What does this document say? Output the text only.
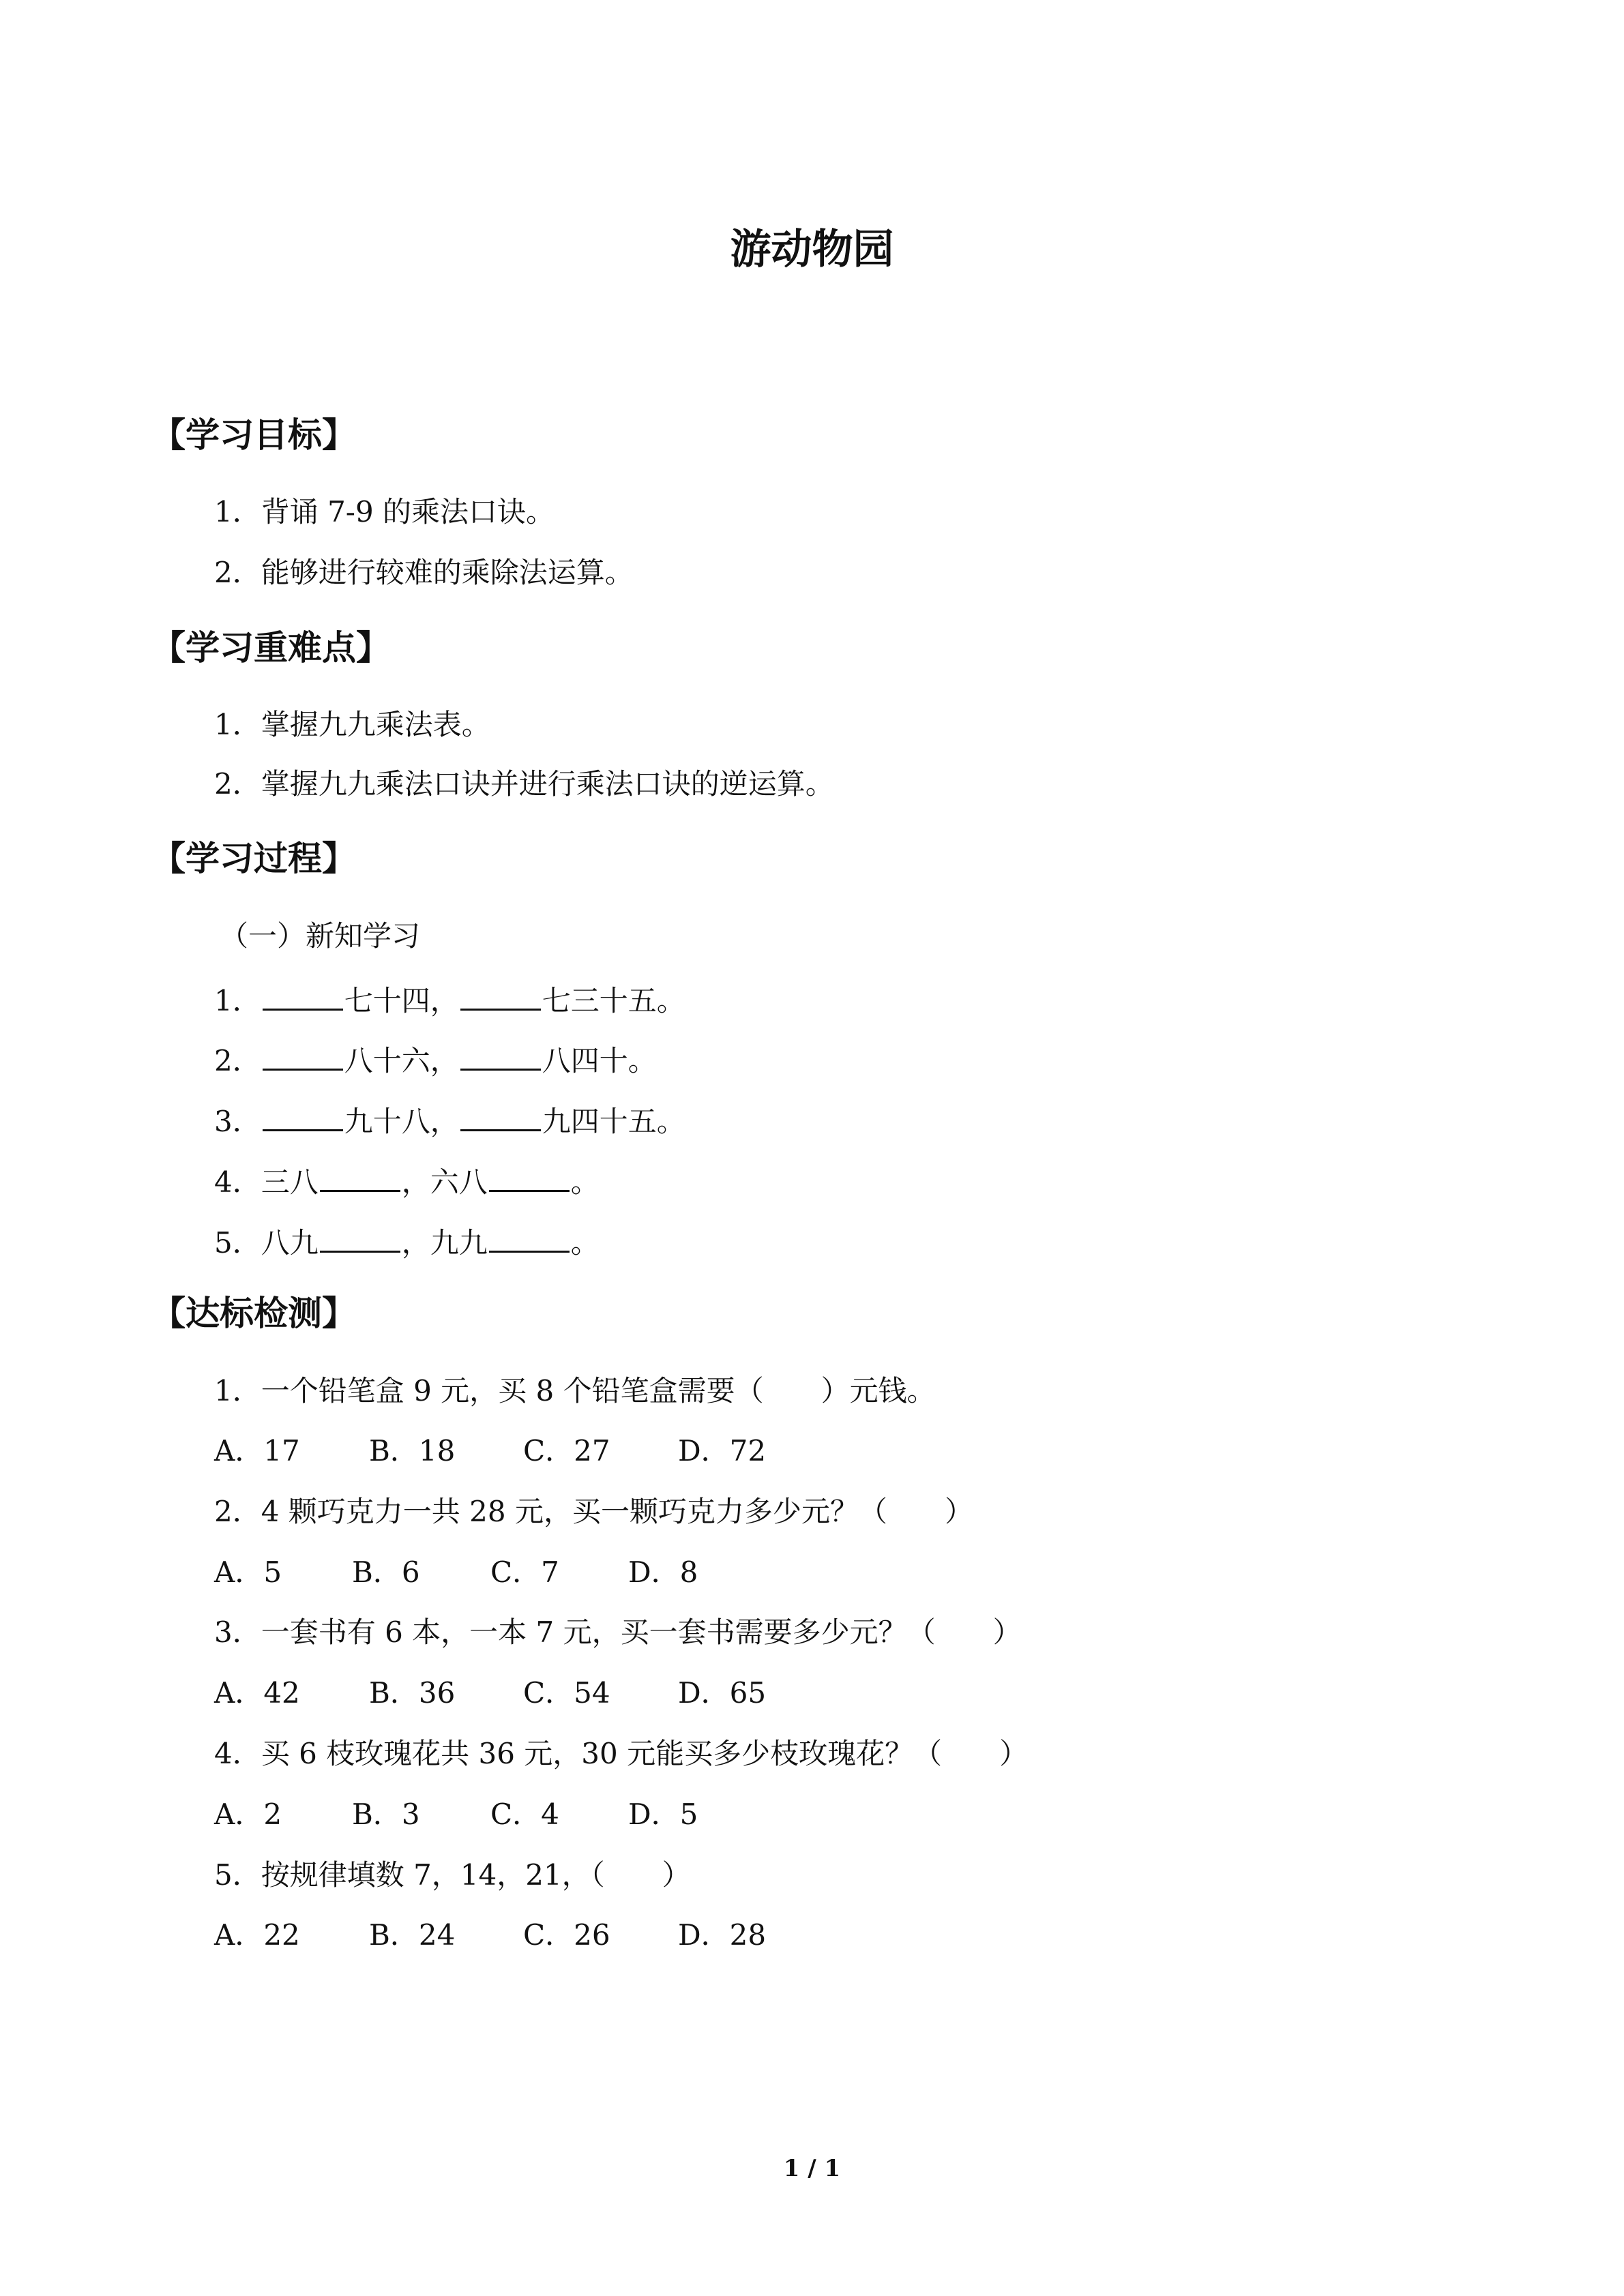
游动物园
【学习目标】
1．背诵 7-9 的乘法口诀。
2．能够进行较难的乘除法运算。
【学习重难点】
1．掌握九九乘法表。
2．掌握九九乘法口诀并进行乘法口诀的逆运算。
【学习过程】
（一）新知学习
1．	七十四，	七三十五。
2．	八十六，	八四十。
3．	九十八，	九四十五。
4．三八	，六八	。
5．八九	，九九	。
【达标检测】
1．一个铅笔盒 9 元，买 8 个铅笔盒需要（　　）元钱。
A．17 B．18 C．27 D．72
2．4 颗巧克力一共 28 元，买一颗巧克力多少元？（　　）
A．5 B．6 C．7 D．8
3．一套书有 6 本，一本 7 元，买一套书需要多少元？（　　）
A．42 B．36 C．54 D．65
4．买 6 枝玫瑰花共 36 元，30 元能买多少枝玫瑰花？（　　）
A．2 B．3 C．4 D．5
5．按规律填数 7，14，21，（　　）
A．22 B．24 C．26 D．28
1 / 1
